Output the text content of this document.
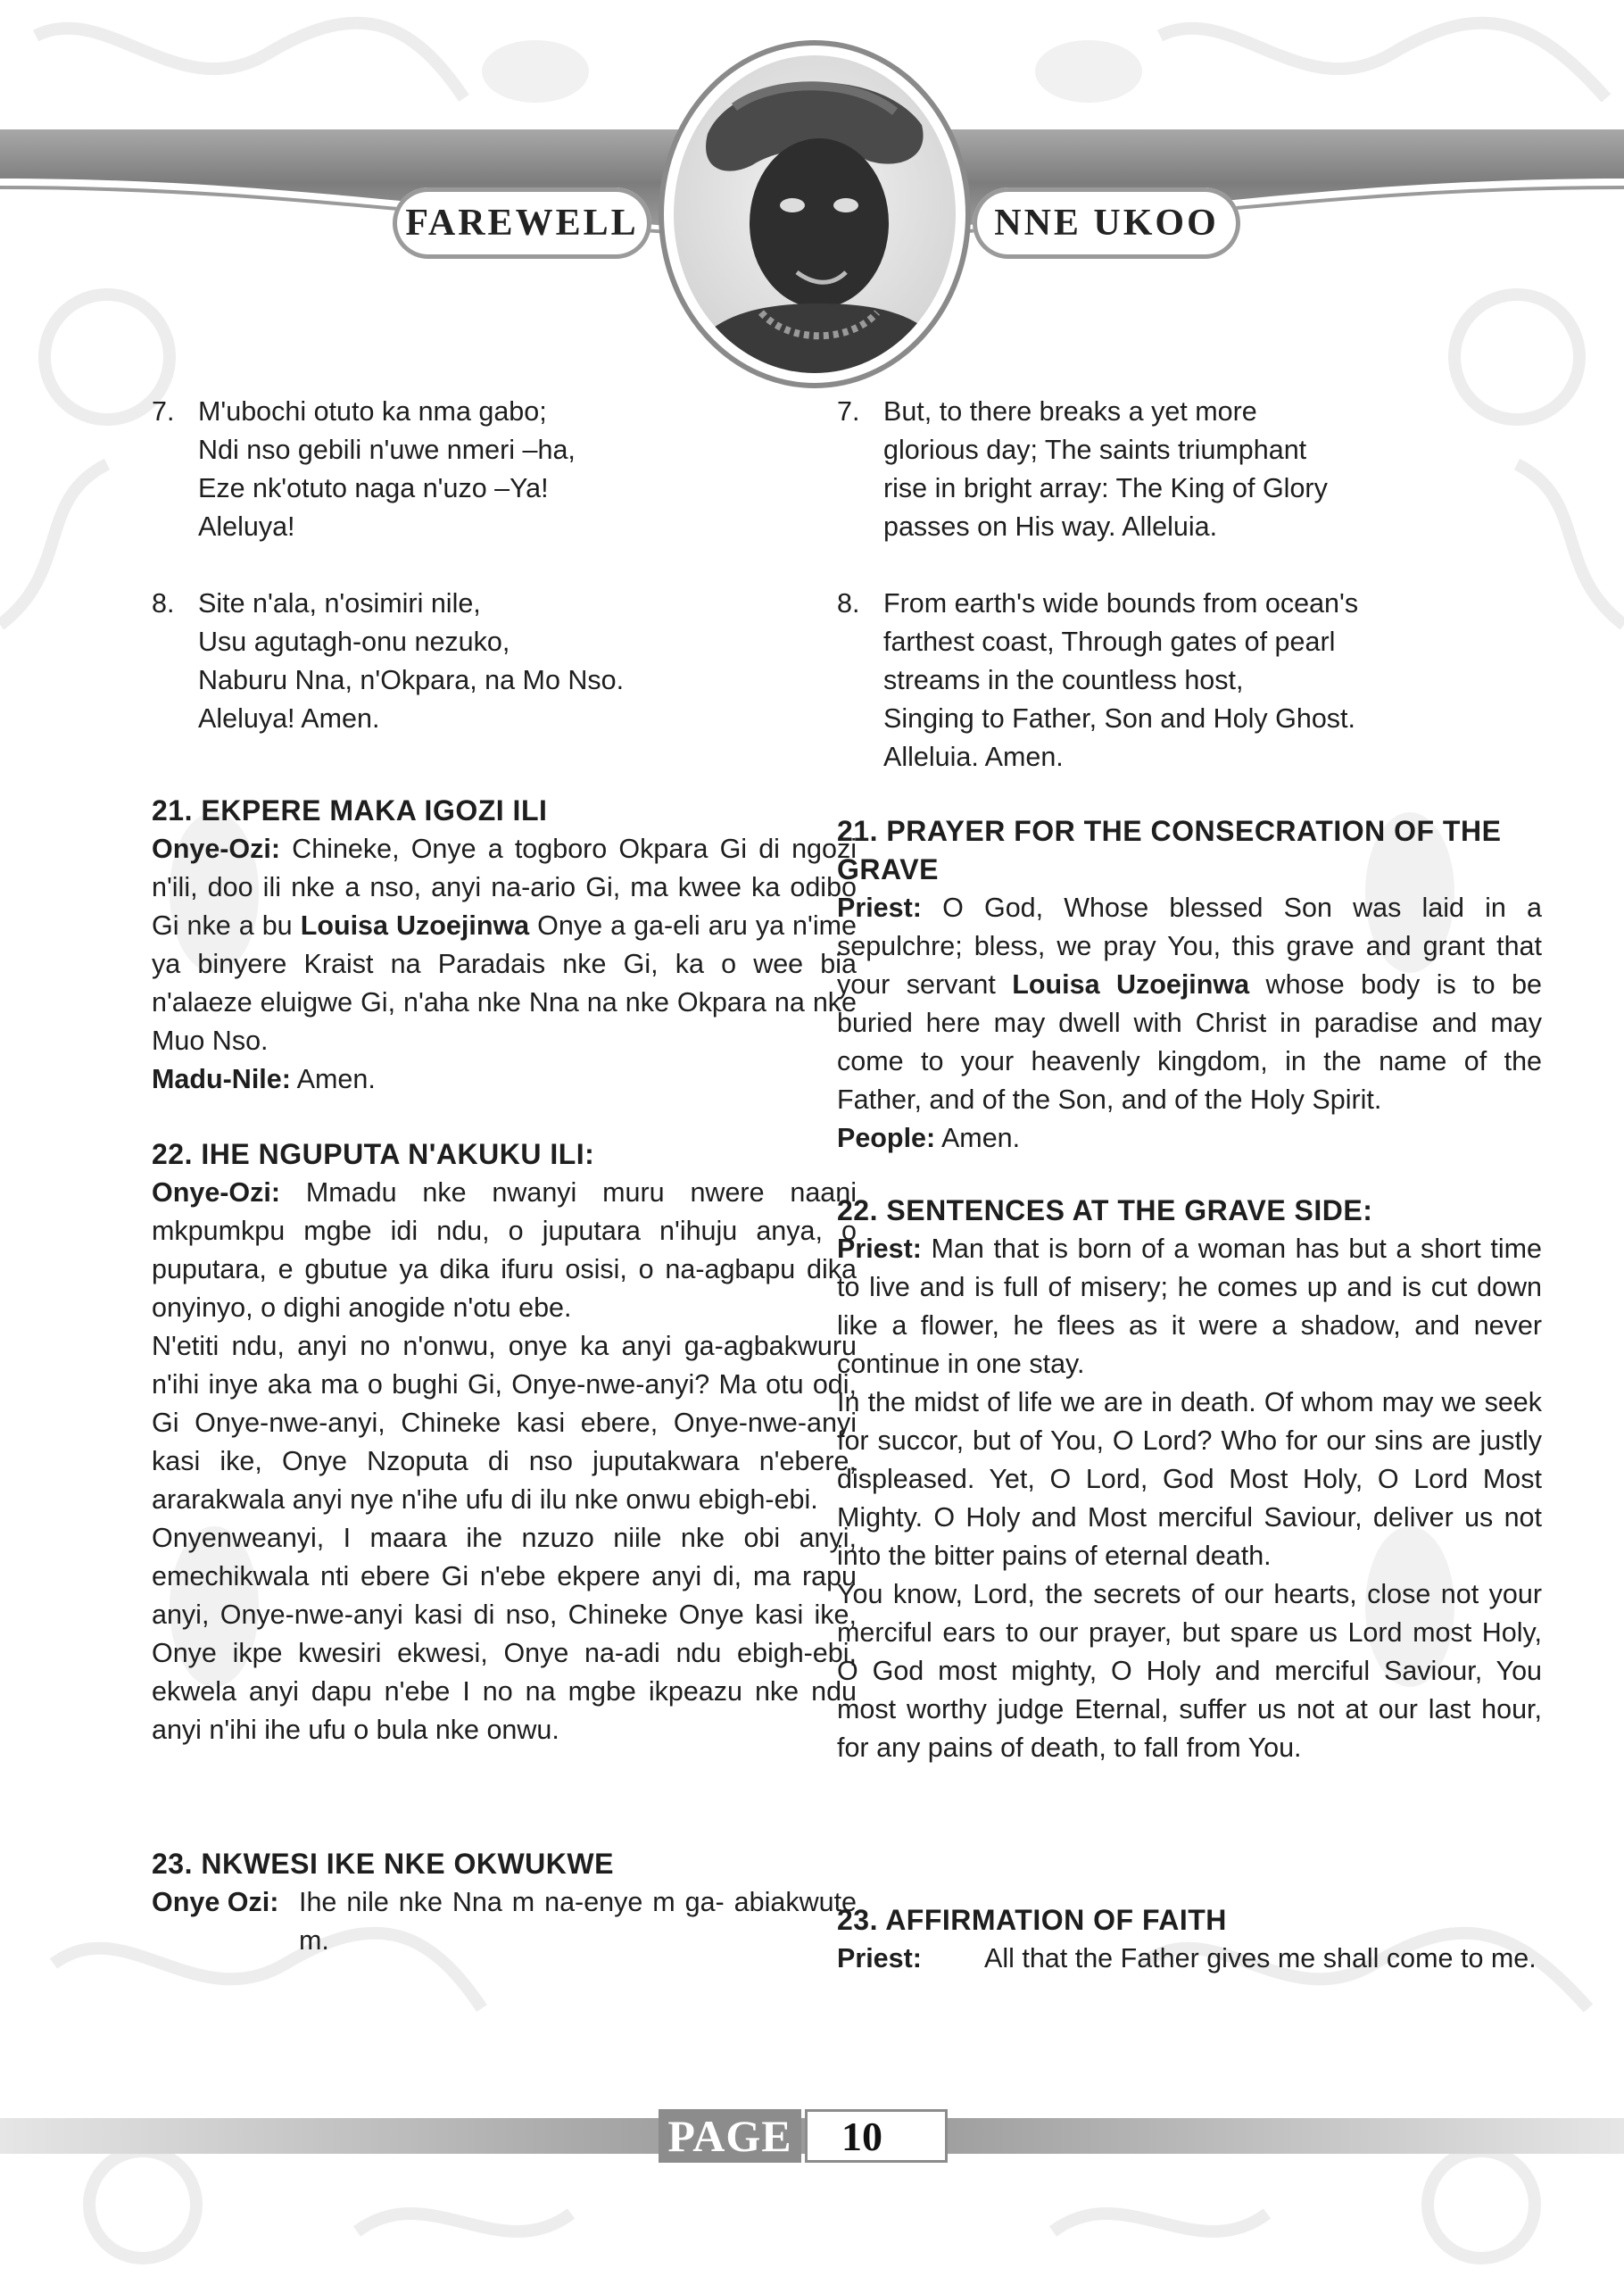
FAREWELL	NNE UKOO
7. M'ubochi otuto ka nma gabo;
Ndi nso gebili n'uwe nmeri –ha,
Eze nk'otuto naga n'uzo –Ya!
Aleluya!
8. Site n'ala, n'osimiri nile,
Usu agutagh-onu nezuko,
Naburu Nna, n'Okpara, na Mo Nso.
Aleluya! Amen.

21. EKPERE MAKA IGOZI ILI

Onye-Ozi: Chineke, Onye a togboro Okpara Gi di ngozi n'ili, doo ili nke a nso, anyi na-ario Gi, ma kwee ka odibo Gi nke a bu Louisa Uzoejinwa Onye a ga-eli aru ya n'ime ya binyere Kraist na Paradais nke Gi, ka o wee bia n'alaeze eluigwe Gi, n'aha nke Nna na nke Okpara na nke Muo Nso.

Madu-Nile: Amen.

22. IHE NGUPUTA N'AKUKU ILI:

Onye-Ozi: Mmadu nke nwanyi muru nwere naani mkpumkpu mgbe idi ndu, o juputara n'ihuju anya, o puputara, e gbutue ya dika ifuru osisi, o na-agbapu dika onyinyo, o dighi anogide n'otu ebe.

N'etiti ndu, anyi no n'onwu, onye ka anyi ga-agbakwuru n'ihi inye aka ma o bughi Gi, Onye-nwe-anyi? Ma otu odi, Gi Onye-nwe-anyi, Chineke kasi ebere, Onye-nwe-anyi kasi ike, Onye Nzoputa di nso juputakwara n'ebere, ararakwala anyi nye n'ihe ufu di ilu nke onwu ebigh-ebi.

Onyenweanyi, I maara ihe nzuzo niile nke obi anyi, emechikwala nti ebere Gi n'ebe ekpere anyi di, ma rapu anyi, Onye-nwe-anyi kasi di nso, Chineke Onye kasi ike, Onye ikpe kwesiri ekwesi, Onye na-adi ndu ebigh-ebi, ekwela anyi dapu n'ebe I no na mgbe ikpeazu nke ndu anyi n'ihi ihe ufu o bula nke onwu.

23. NKWESI IKE NKE OKWUKWE

Onye Ozi: Ihe nile nke Nna m na-enye m ga- abiakwute m.
7. But, to there breaks a yet more
glorious day; The saints triumphant
rise in bright array: The King of Glory
passes on His way. Alleluia.
8. From earth's wide bounds from ocean's
farthest coast, Through gates of pearl
streams in the countless host,
Singing to Father, Son and Holy Ghost.
Alleluia. Amen.

21. PRAYER FOR THE CONSECRATION OF THE GRAVE

Priest: O God, Whose blessed Son was laid in a sepulchre; bless, we pray You, this grave and grant that your servant Louisa Uzoejinwa whose body is to be buried here may dwell with Christ in paradise and may come to your heavenly kingdom, in the name of the Father, and of the Son, and of the Holy Spirit.

People: Amen.

22. SENTENCES AT THE GRAVE SIDE:

Priest: Man that is born of a woman has but a short time to live and is full of misery; he comes up and is cut down like a flower, he flees as it were a shadow, and never continue in one stay.

In the midst of life we are in death. Of whom may we seek for succor, but of You, O Lord? Who for our sins are justly displeased. Yet, O Lord, God Most Holy, O Lord Most Mighty. O Holy and Most merciful Saviour, deliver us not into the bitter pains of eternal death.

You know, Lord, the secrets of our hearts, close not your merciful ears to our prayer, but spare us Lord most Holy, O God most mighty, O Holy and merciful Saviour, You most worthy judge Eternal, suffer us not at our last hour, for any pains of death, to fall from You.

23. AFFIRMATION OF FAITH

Priest:	All that the Father gives me shall come to me.
PAGE	10
